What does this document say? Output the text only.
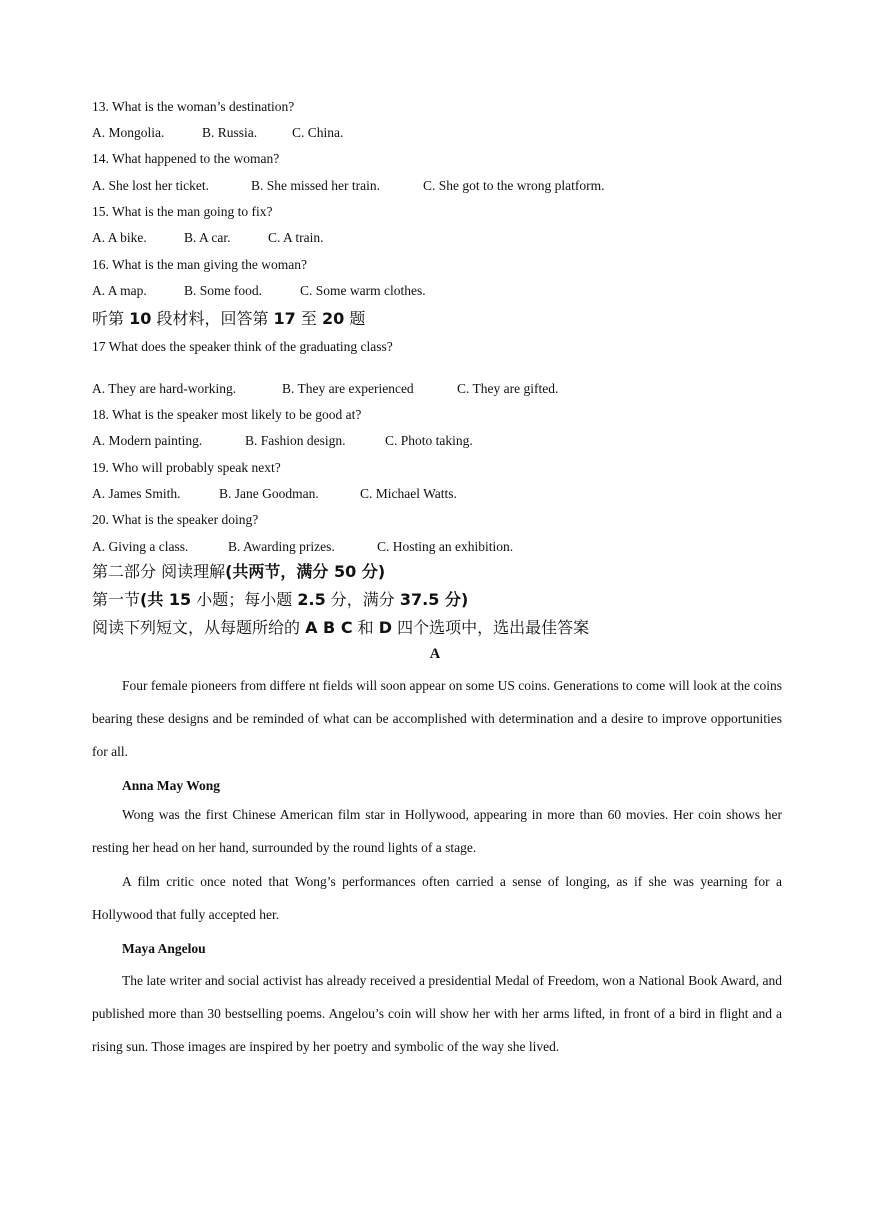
13. What is the woman’s destination?
A. Mongolia.	B. Russia.	C. China.
14. What happened to the woman?
A. She lost her ticket.	B. She missed her train.	C. She got to the wrong platform.
15. What is the man going to fix?
A. A bike.	B. A car.	C. A train.
16. What is the man giving the woman?
A. A map.	B. Some food.	C. Some warm clothes.
听第 10 段材料，回答第 17 至 20 题
17 What does the speaker think of the graduating class?
A. They are hard-working.	B. They are experienced	C. They are gifted.
18. What is the speaker most likely to be good at?
A. Modern painting.	B. Fashion design.	C. Photo taking.
19. Who will probably speak next?
A. James Smith.	B. Jane Goodman.	C. Michael Watts.
20. What is the speaker doing?
A. Giving a class.	B. Awarding prizes.	C. Hosting an exhibition.
第二部分 阅读理解(共两节，满分 50 分)
第一节(共 15 小题；每小题 2.5 分，满分 37.5 分)
阅读下列短文，从每题所给的 A B C 和 D 四个选项中，选出最佳答案
A
Four female pioneers from differe nt fields will soon appear on some US coins. Generations to come will look at the coins bearing these designs and be reminded of what can be accomplished with determination and a desire to improve opportunities for all.
Anna May Wong
Wong was the first Chinese American film star in Hollywood, appearing in more than 60 movies. Her coin shows her resting her head on her hand, surrounded by the round lights of a stage.
A film critic once noted that Wong’s performances often carried a sense of longing, as if she was yearning for a Hollywood that fully accepted her.
Maya Angelou
The late writer and social activist has already received a presidential Medal of Freedom, won a National Book Award, and published more than 30 bestselling poems. Angelou’s coin will show her with her arms lifted, in front of a bird in flight and a rising sun. Those images are inspired by her poetry and symbolic of the way she lived.
